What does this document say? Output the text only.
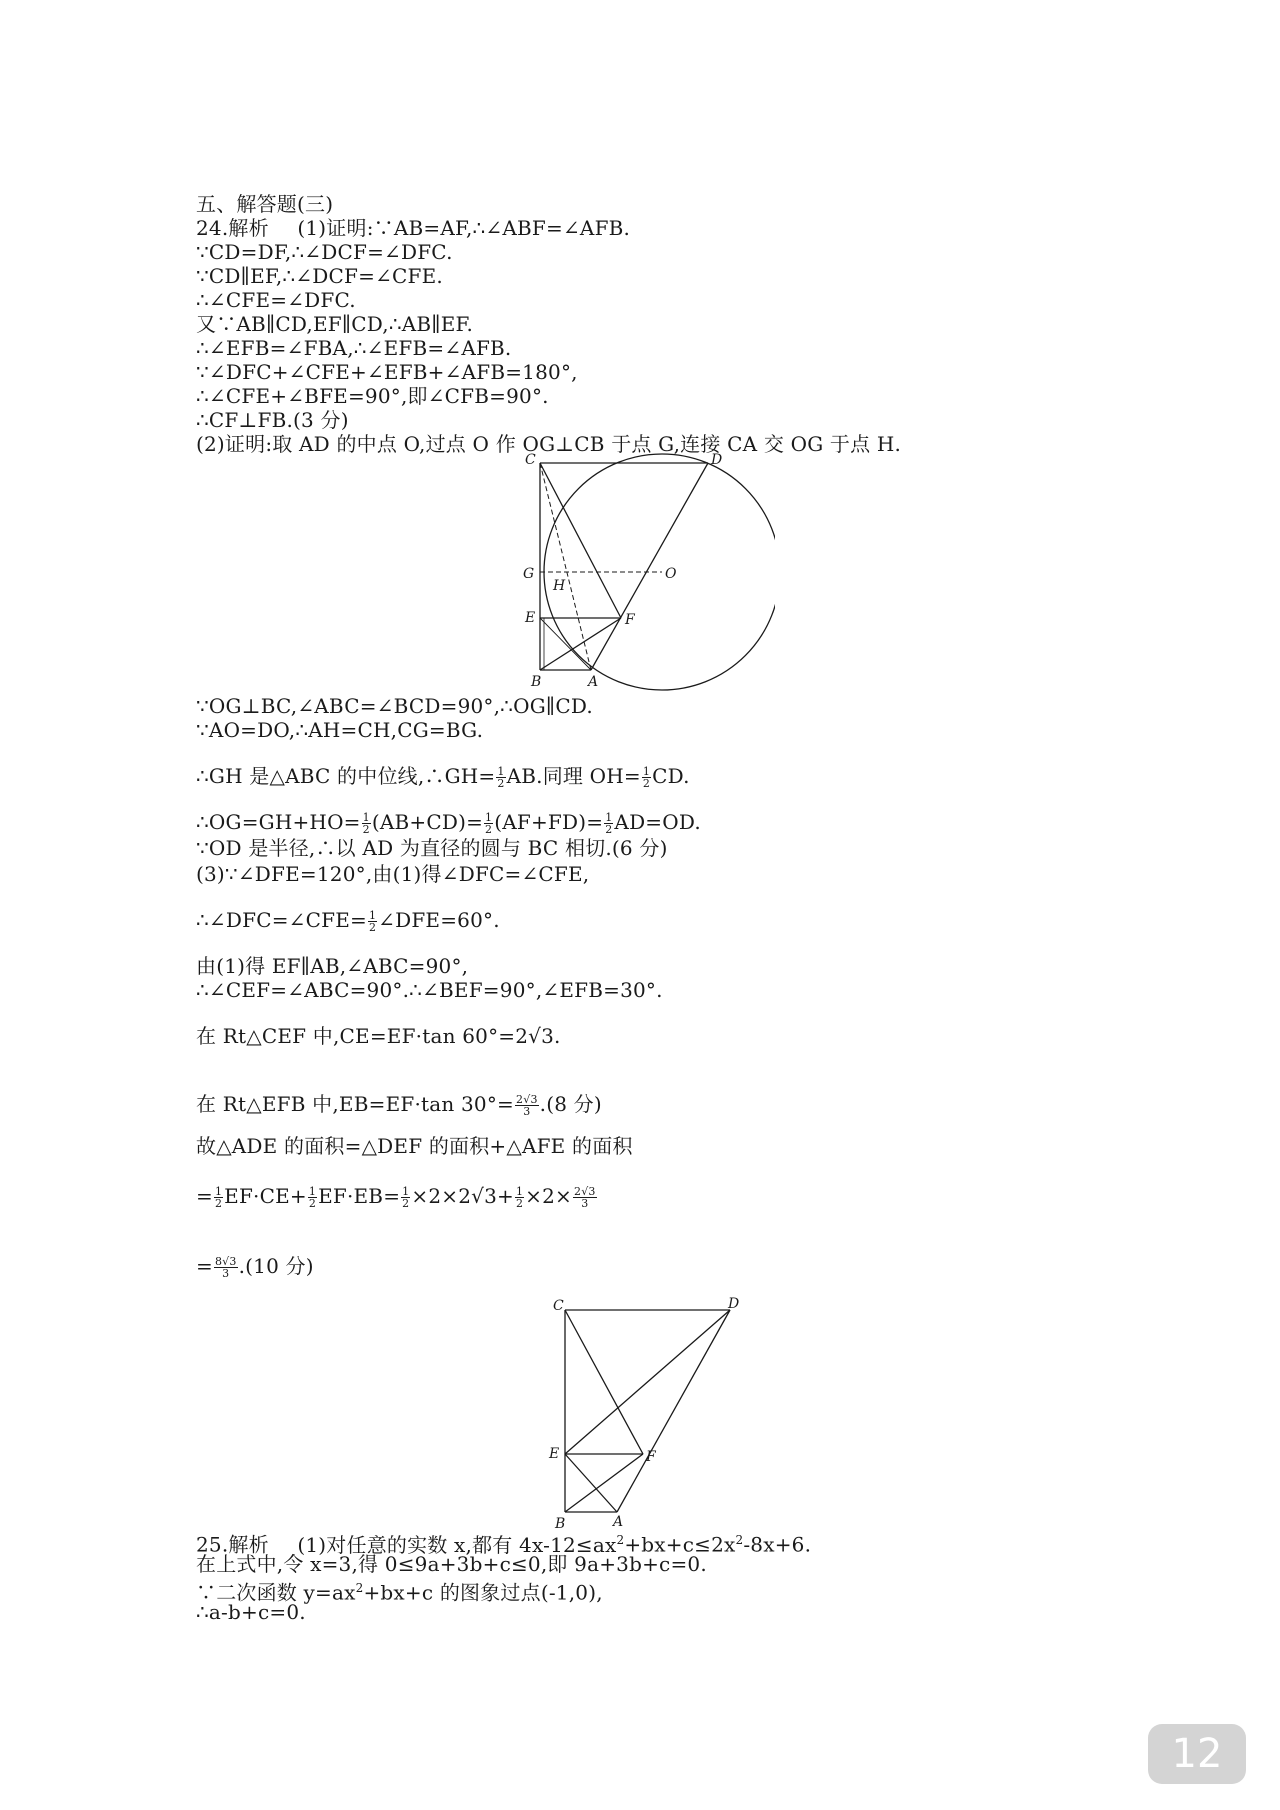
五、解答题(三)
24.解析 (1)证明:∵AB=AF,∴∠ABF=∠AFB.
∵CD=DF,∴∠DCF=∠DFC.
∵CD∥EF,∴∠DCF=∠CFE.
∴∠CFE=∠DFC.
又∵AB∥CD,EF∥CD,∴AB∥EF.
∴∠EFB=∠FBA,∴∠EFB=∠AFB.
∵∠DFC+∠CFE+∠EFB+∠AFB=180°,
∴∠CFE+∠BFE=90°,即∠CFB=90°.
∴CF⊥FB.(3 分)
(2)证明:取 AD 的中点 O,过点 O 作 OG⊥CB 于点 G,连接 CA 交 OG 于点 H.
C	D
G
H
O
E	F
B	A
∵OG⊥BC,∠ABC=∠BCD=90°,∴OG∥CD.
∵AO=DO,∴AH=CH,CG=BG.
∴GH 是△ABC 的中位线,∴GH= $\frac{1}{2}$ AB.同理 $OH= \frac{1}{2}$ CD.
∴OG=GH+HO= $\frac{1}{2} (AB+CD)= \frac{1}{2} (AF+FD)= \frac{1}{2} AD=OD$.
∵OD 是半径,∴以 AD 为直径的圆与 BC 相切.(6 分)
(3)∵∠DFE=120°,由(1)得∠DFC=∠CFE,
∴∠DFC=∠CFE= $\frac{1}{2}$ ∠DFE=60°.
由(1)得 EF∥AB,∠ABC=90°,
∴∠CEF=∠ABC=90°.∴∠BEF=90°,∠EFB=30°.
在 Rt△CEF 中,CE=EF·tan 60°=2√3.
在 Rt△EFB 中,EB=EF·tan $30^\circ= \frac{2√3}{3} .(8$ 分)
故△ADE 的面积=△DEF 的面积+△AFE 的面积
= $\frac{1}{2} EF\cdot CE+ \frac{1}{2} EF\cdot EB= \frac{1}{2} \times 2\times 2√3+ \frac{1}{2} \times 2\times \frac{2√3}{3}$
= $\frac{8√3}{3} .(10$ 分)
C	D
E	F
B	A
25.解析 (1)对任意的实数 x,都有 $4x-12\le ax^2+bx+c\le 2x^2-8x+6$.
在上式中,令 x=3,得 0≤9a+3b+c≤0,即 9a+3b+c=0.
∵二次函数 $y=ax^2+bx+c$ 的图象过点(-1,0),
∴a-b+c=0.
12
